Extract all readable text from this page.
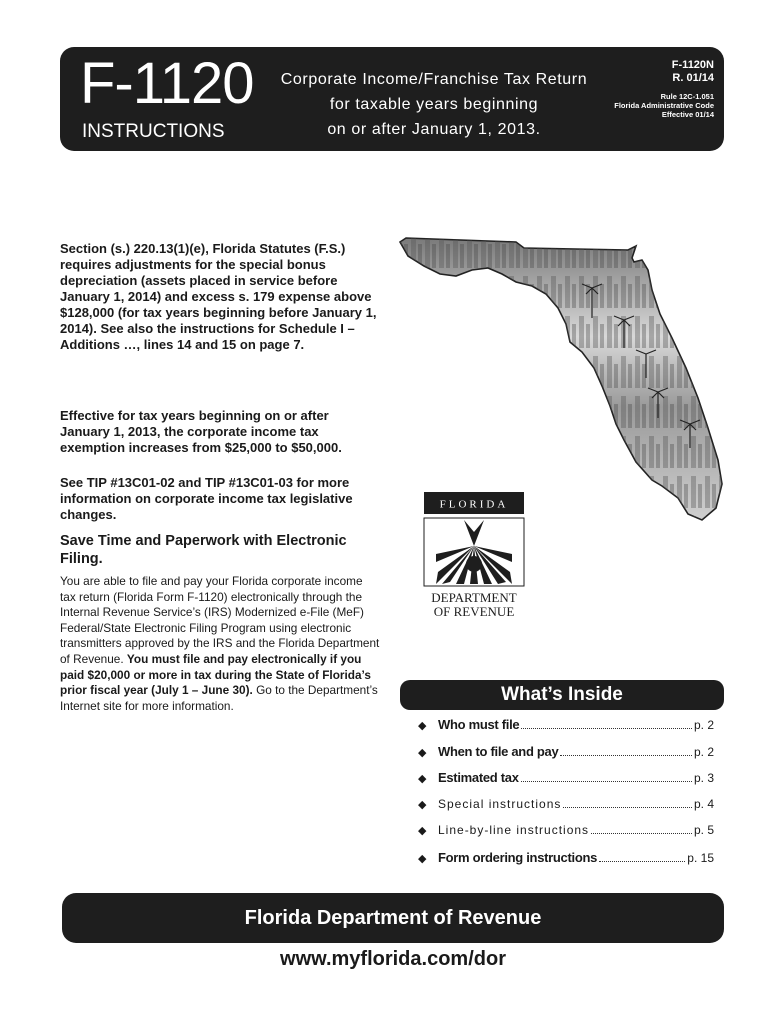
F-1120
INSTRUCTIONS
Corporate Income/Franchise Tax Return
for taxable years beginning
on or after January 1, 2013.
F-1120N
R. 01/14
Rule 12C-1.051
Florida Administrative Code
Effective 01/14

Section (s.) 220.13(1)(e), Florida Statutes (F.S.) requires adjustments for the special bonus depreciation (assets placed in service before January 1, 2014) and excess s. 179 expense above $128,000 (for tax years beginning before January 1, 2014). See also the instructions for Schedule I – Additions …, lines 14 and 15 on page 7.

Effective for tax years beginning on or after January 1, 2013, the corporate income tax exemption increases from $25,000 to $50,000.

See TIP #13C01-02 and TIP #13C01-03 for more information on corporate income tax legislative changes.

Save Time and Paperwork with Electronic Filing.

You are able to file and pay your Florida corporate income tax return (Florida Form F-1120) electronically through the Internal Revenue Service’s (IRS) Modernized e-File (MeF) Federal/State Electronic Filing Program using electronic transmitters approved by the IRS and the Florida Department of Revenue. You must file and pay electronically if you paid $20,000 or more in tax during the State of Florida’s prior fiscal year (July 1 – June 30). Go to the Department’s Internet site for more information.

FLORIDA
DEPARTMENT
OF REVENUE
What’s Inside
◆ Who must file	p. 2
◆ When to file and pay	p. 2
◆ Estimated tax	p. 3
◆ Special instructions	p. 4
◆ Line-by-line instructions	p. 5
◆ Form ordering instructions	p. 15
Florida Department of Revenue
www.myflorida.com/dor
